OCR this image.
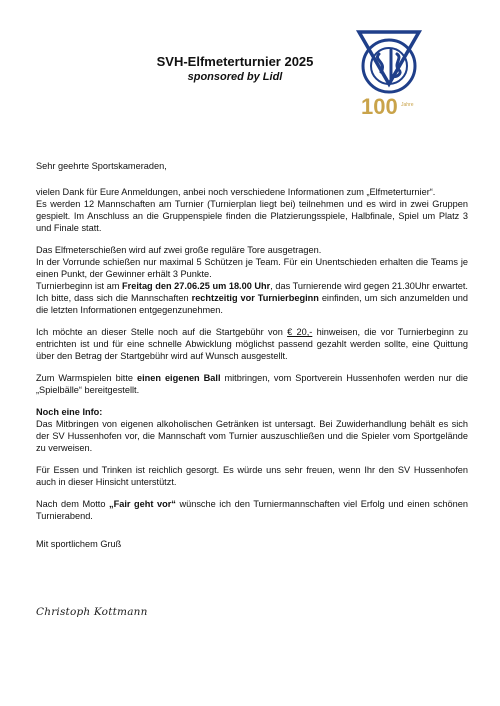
SVH-Elfmeterturnier 2025
sponsored by Lidl
100 Jahre

Sehr geehrte Sportskameraden,

vielen Dank für Eure Anmeldungen, anbei noch verschiedene Informationen zum „Elfmeterturnier“.

Es werden 12 Mannschaften am Turnier (Turnierplan liegt bei) teilnehmen und es wird in zwei Gruppen gespielt. Im Anschluss an die Gruppenspiele finden die Platzierungsspiele, Halbfinale, Spiel um Platz 3 und Finale statt.

Das Elfmeterschießen wird auf zwei große reguläre Tore ausgetragen.

In der Vorrunde schießen nur maximal 5 Schützen je Team. Für ein Unentschieden erhalten die Teams je einen Punkt, der Gewinner erhält 3 Punkte.

Turnierbeginn ist am Freitag den 27.06.25 um 18.00 Uhr, das Turnierende wird gegen 21.30Uhr erwartet. Ich bitte, dass sich die Mannschaften rechtzeitig vor Turnierbeginn einfinden, um sich anzumelden und die letzten Informationen entgegenzunehmen.

Ich möchte an dieser Stelle noch auf die Startgebühr von € 20,- hinweisen, die vor Turnierbeginn zu entrichten ist und für eine schnelle Abwicklung möglichst passend gezahlt werden sollte, eine Quittung über den Betrag der Startgebühr wird auf Wunsch ausgestellt.

Zum Warmspielen bitte einen eigenen Ball mitbringen, vom Sportverein Hussenhofen werden nur die „Spielbälle“ bereitgestellt.

Noch eine Info:

Das Mitbringen von eigenen alkoholischen Getränken ist untersagt. Bei Zuwiderhandlung behält es sich der SV Hussenhofen vor, die Mannschaft vom Turnier auszuschließen und die Spieler vom Sportgelände zu verweisen.

Für Essen und Trinken ist reichlich gesorgt. Es würde uns sehr freuen, wenn Ihr den SV Hussenhofen auch in dieser Hinsicht unterstützt.

Nach dem Motto „Fair geht vor“ wünsche ich den Turniermannschaften viel Erfolg und einen schönen Turnierabend.

Mit sportlichem Gruß

Christoph Kottmann
